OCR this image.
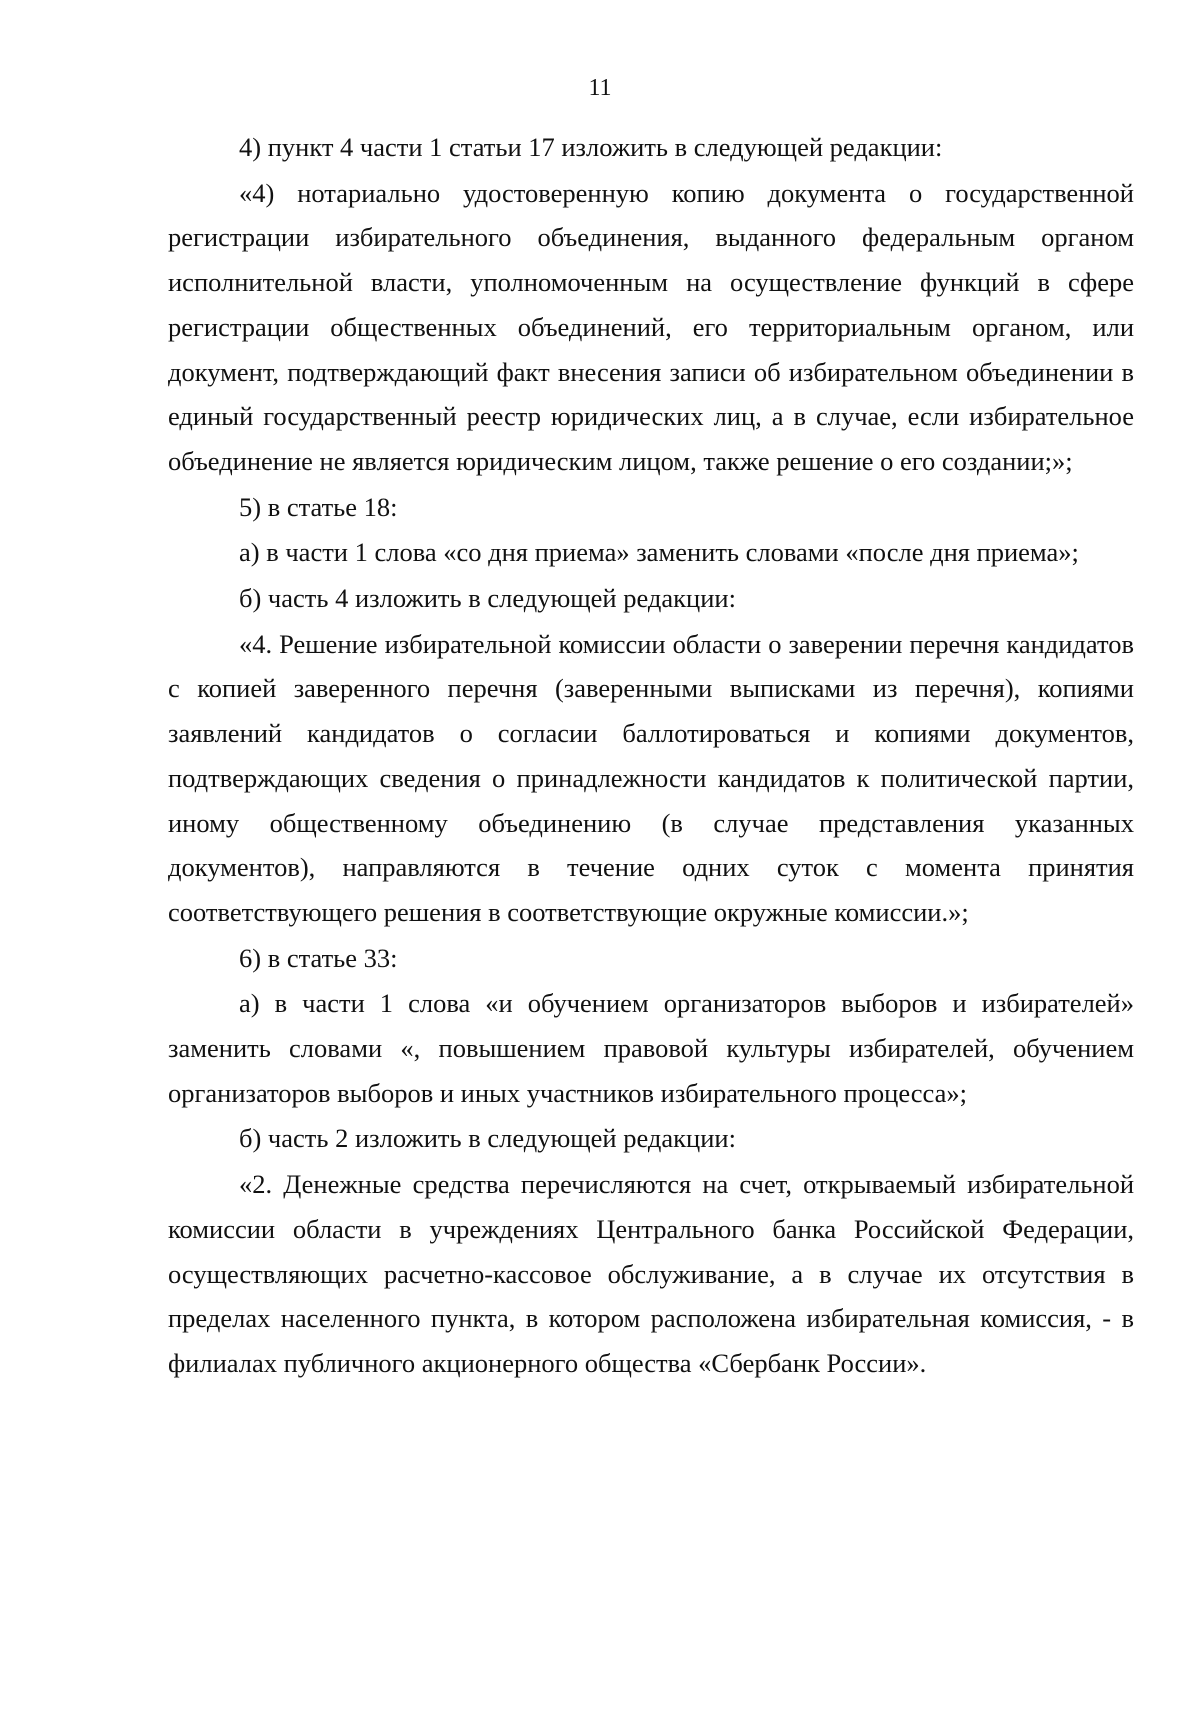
11

4) пункт 4 части 1 статьи 17 изложить в следующей редакции:

«4) нотариально удостоверенную копию документа о государственной регистрации избирательного объединения, выданного федеральным органом исполнительной власти, уполномоченным на осуществление функций в сфере регистрации общественных объединений, его территориальным органом, или документ, подтверждающий факт внесения записи об избирательном объединении в единый государственный реестр юридических лиц, а в случае, если избирательное объединение не является юридическим лицом, также решение о его создании;»;

5) в статье 18:

а) в части 1 слова «со дня приема» заменить словами «после дня приема»;

б) часть 4 изложить в следующей редакции:

«4. Решение избирательной комиссии области о заверении перечня кандидатов с копией заверенного перечня (заверенными выписками из перечня), копиями заявлений кандидатов о согласии баллотироваться и копиями документов, подтверждающих сведения о принадлежности кандидатов к политической партии, иному общественному объединению (в случае представления указанных документов), направляются в течение одних суток с момента принятия соответствующего решения в соответствующие окружные комиссии.»;

6) в статье 33:

а) в части 1 слова «и обучением организаторов выборов и избирателей» заменить словами «, повышением правовой культуры избирателей, обучением организаторов выборов и иных участников избирательного процесса»;

б) часть 2 изложить в следующей редакции:

«2. Денежные средства перечисляются на счет, открываемый избирательной комиссии области в учреждениях Центрального банка Российской Федерации, осуществляющих расчетно-кассовое обслуживание, а в случае их отсутствия в пределах населенного пункта, в котором расположена избирательная комиссия, - в филиалах публичного акционерного общества «Сбербанк России».
